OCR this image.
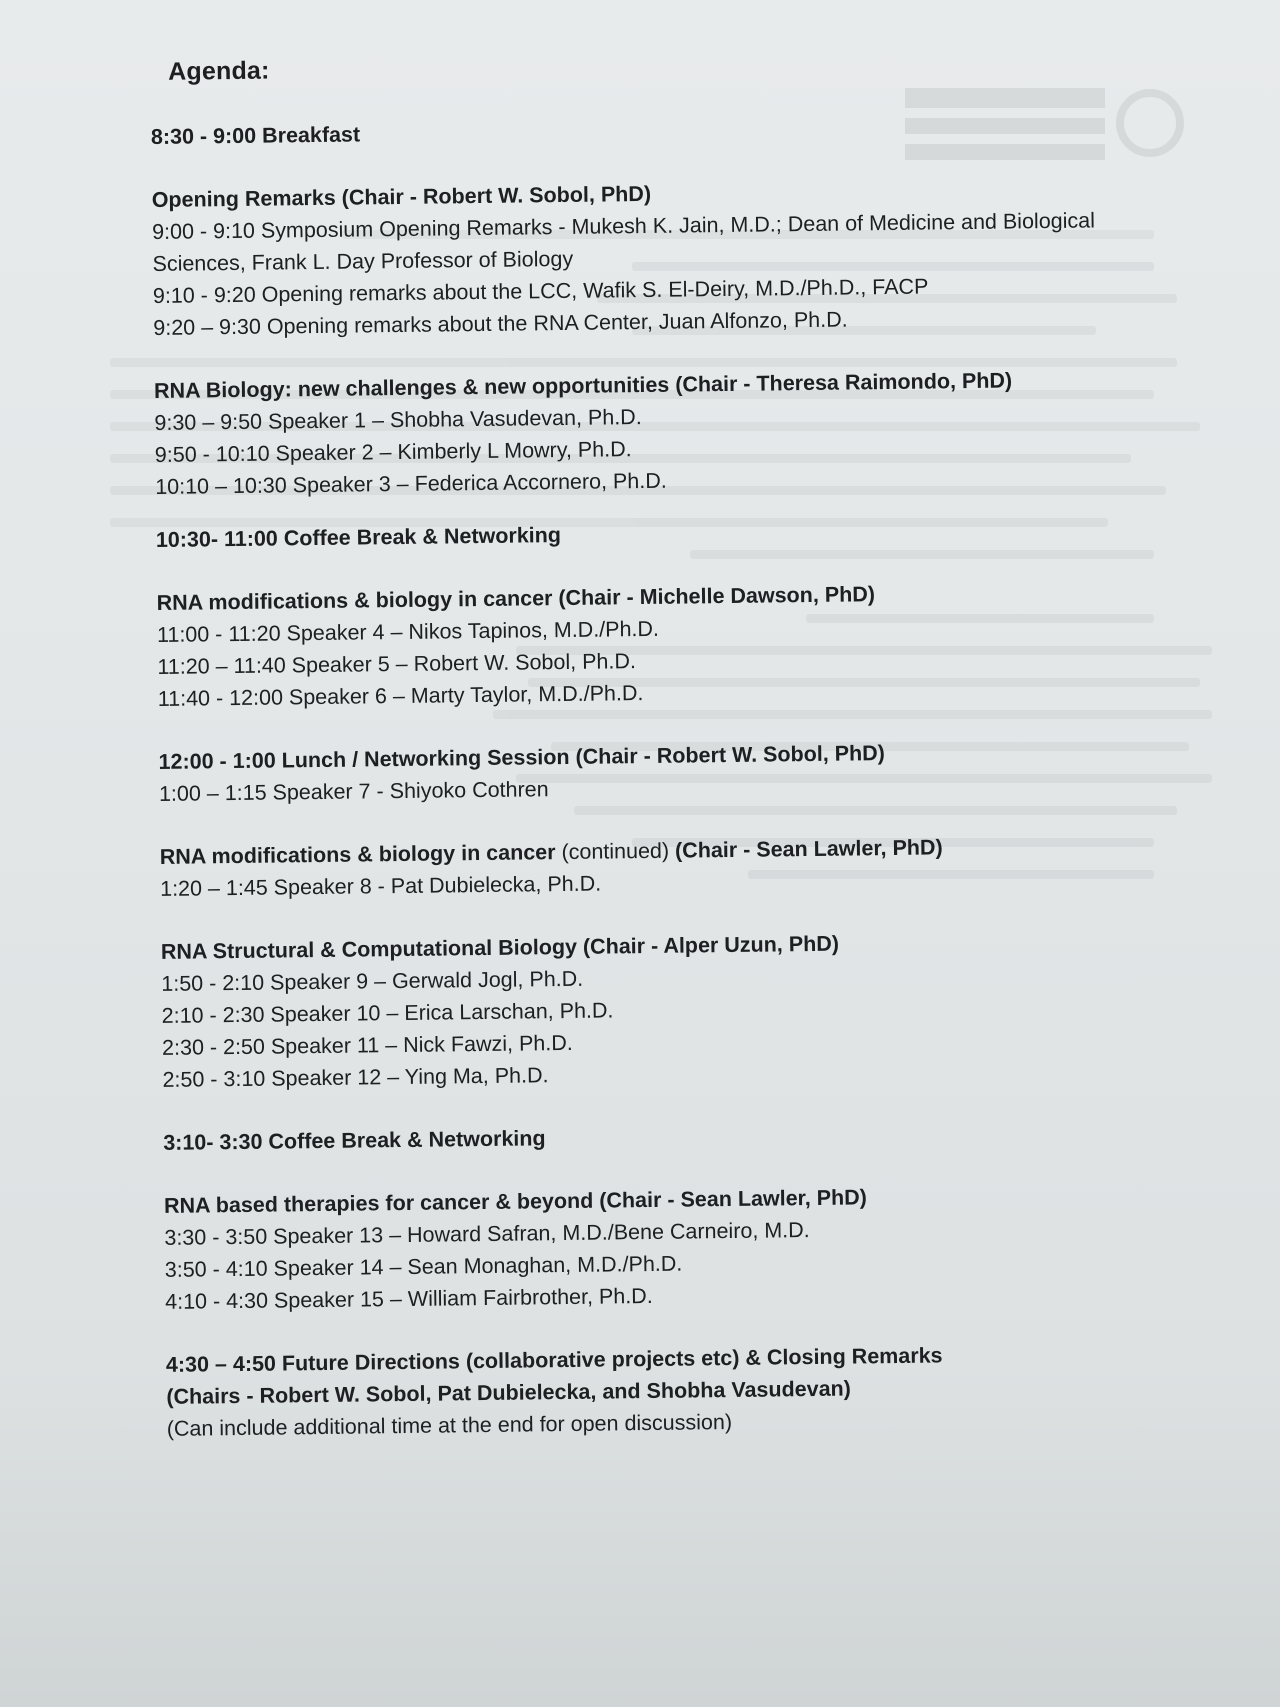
Agenda:
8:30 - 9:00 Breakfast
Opening Remarks (Chair - Robert W. Sobol, PhD)
9:00 - 9:10 Symposium Opening Remarks - Mukesh K. Jain, M.D.; Dean of Medicine and Biological Sciences, Frank L. Day Professor of Biology
9:10 - 9:20 Opening remarks about the LCC, Wafik S. El-Deiry, M.D./Ph.D., FACP
9:20 – 9:30 Opening remarks about the RNA Center, Juan Alfonzo, Ph.D.
RNA Biology: new challenges & new opportunities (Chair - Theresa Raimondo, PhD)
9:30 – 9:50 Speaker 1 – Shobha Vasudevan, Ph.D.
9:50 - 10:10 Speaker 2 – Kimberly L Mowry, Ph.D.
10:10 – 10:30 Speaker 3 – Federica Accornero, Ph.D.
10:30- 11:00 Coffee Break & Networking
RNA modifications & biology in cancer (Chair - Michelle Dawson, PhD)
11:00 - 11:20 Speaker 4 – Nikos Tapinos, M.D./Ph.D.
11:20 – 11:40 Speaker 5 – Robert W. Sobol, Ph.D.
11:40 - 12:00 Speaker 6 – Marty Taylor, M.D./Ph.D.
12:00 - 1:00 Lunch / Networking Session (Chair - Robert W. Sobol, PhD)
1:00 – 1:15 Speaker 7 - Shiyoko Cothren
RNA modifications & biology in cancer (continued) (Chair - Sean Lawler, PhD)
1:20 – 1:45 Speaker 8 - Pat Dubielecka, Ph.D.
RNA Structural & Computational Biology (Chair - Alper Uzun, PhD)
1:50 - 2:10 Speaker 9 – Gerwald Jogl, Ph.D.
2:10 - 2:30 Speaker 10 – Erica Larschan, Ph.D.
2:30 - 2:50 Speaker 11 – Nick Fawzi, Ph.D.
2:50 - 3:10 Speaker 12 – Ying Ma, Ph.D.
3:10- 3:30 Coffee Break & Networking
RNA based therapies for cancer & beyond (Chair - Sean Lawler, PhD)
3:30 - 3:50 Speaker 13 – Howard Safran, M.D./Bene Carneiro, M.D.
3:50 - 4:10 Speaker 14 – Sean Monaghan, M.D./Ph.D.
4:10 - 4:30 Speaker 15 – William Fairbrother, Ph.D.
4:30 – 4:50 Future Directions (collaborative projects etc) & Closing Remarks
(Chairs - Robert W. Sobol, Pat Dubielecka, and Shobha Vasudevan)
(Can include additional time at the end for open discussion)
